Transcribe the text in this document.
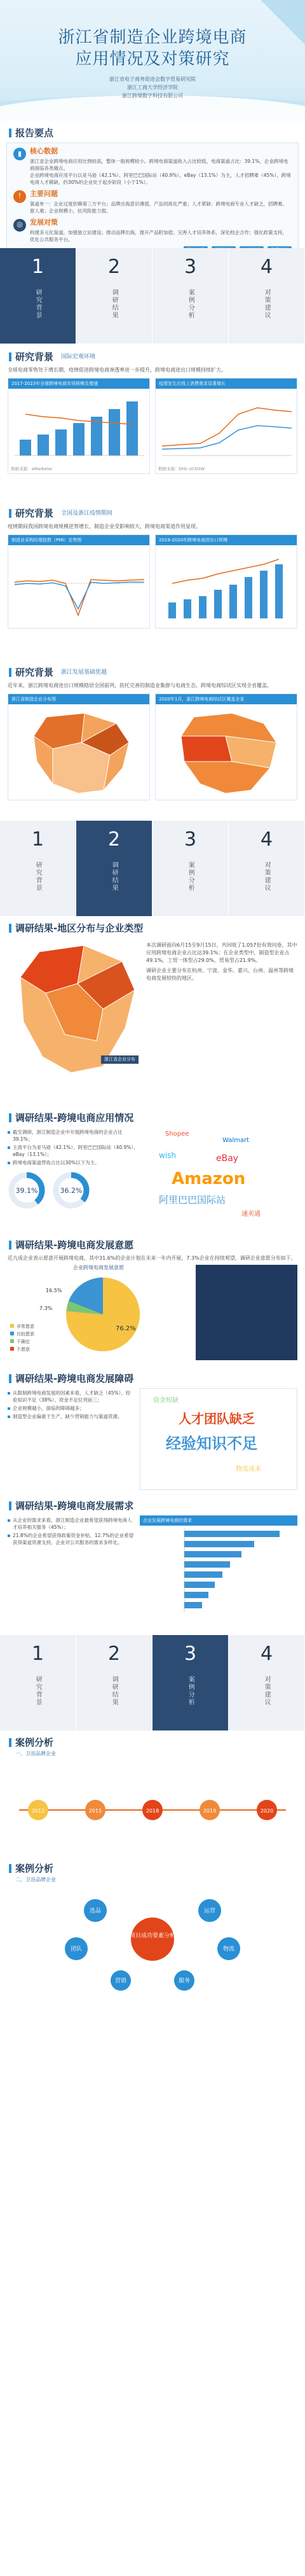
浙江省制造企业跨境电商
应用情况及对策研究
浙江省电子商务促进会数字贸易研究院
浙江工商大学经济学院
浙江跨境数字科技有限公司
报告要点
▮	核心数据
浙江省企业跨境电商应用比例较高，整体一般规模较小。跨境电商渠道收入占比较低，电商渠道占比：39.1%，企业跨境电商面临各类痛点。
企业跨境电商应用平台以亚马逊（42.1%）、阿里巴巴国际站（40.9%）、eBay（13.1%）为主，人才招聘难（45%），跨境电商人才稀缺，约30%的企业处于起步阶段（小于1%）。
!	主要问题
渠道单一：企业过度依赖第三方平台；品牌出海意识薄弱，产品同质化严重；人才紧缺：跨境电商专业人才缺乏，招聘难、留人难；企业规模小，抗风险能力弱。
◎	发展对策
构建多元化渠道，加强独立站建设；推动品牌出海，提升产品附加值；完善人才培养体系，深化校企合作；强化政策支持，优化公共服务平台。
1
研究背景
2
调研结果
3
案例分析
4
对策建议
研究背景 国际宏观环境

全球电商零售处于增长期，疫情促进跨境电商渗透率进一步提升，跨境电商进出口规模持续扩大。

2017-2023年全球跨境电商市场规模及增速
数据来源：eMarketer
疫情发生后线上消费需求显著增长
数据来源：DHL UCDSW
研究背景 全国及浙江疫情期间

疫情期间我国跨境电商规模逆势增长，制造企业受影响较大，跨境电商渠道作用显现。

制造业采购经理指数（PMI）走势图	2019-2020年跨境电商进出口规模
研究背景 浙江发展基础优越

近年来，浙江跨境电商进出口规模稳居全国前列，依托完善的制造业集群与电商生态，跨境电商综试区实现全省覆盖。

浙江省制造企业分布图	2020年1月，浙江跨境电商综试区覆盖全省
1
研究背景
2
调研结果
3
案例分析
4
对策建议
调研结果-地区分布与企业类型
浙江省企业分布

本次调研面向6月15至9月15日，共回收了1,057份有效问卷，其中应用跨境电商企业占比达39.1%；在企业类型中，制造型企业占49.1%，工贸一体型占29.0%，贸易型占21.9%。

调研企业主要分布在杭州、宁波、金华、嘉兴、台州、温州等跨境电商发展较快的地区。

调研结果-跨境电商应用情况
截至调研，浙江制造企业中开展跨境电商的企业占比39.1%；
主流平台为亚马逊（42.1%）、阿里巴巴国际站（40.9%）、eBay（13.1%）；
跨境电商渠道营收占比以30%以下为主。
39.1%	36.2%
Shopee
Walmart
wish	eBay
Amazon
阿里巴巴国际站
速卖通
调研结果-跨境电商发展意愿

近九成企业表示愿意开展跨境电商，其中31.6%的企业计划在未来一年内开展，7.3%企业在持续观望，调研企业意愿分布如下。

企业跨境电商发展意愿
76.2%
16.5%
7.3%
非常愿意
比较愿意
不确定
不愿意
调研结果-跨境电商发展障碍
从限制跨境电商发展的因素来看，人才缺乏（45%）、经验知识不足（38%）、资金不足位列前三；
企业规模越小，面临的障碍越多；
制造型企业偏重于生产，缺少营销能力与渠道资源。	人才团队缺乏
经验知识不足
资金短缺
物流成本
调研结果-跨境电商发展需求
从企业的需求来看，浙江制造企业最希望获得跨境电商人才培养相关服务（45%）；
21.8%的企业希望获得政策资金补贴、12.7%的企业希望获得渠道资源支持，企业对公共服务的需求多样化。
企业发展跨境电商的需求
1
研究背景
2
调研结果
3
案例分析
4
对策建议
案例分析
一、卫浴品牌企业
2012	2015	2018	2019	2020
案例分析
二、卫浴品牌企业
项目成功要素分析
选品	运营
团队	物流
营销	服务
